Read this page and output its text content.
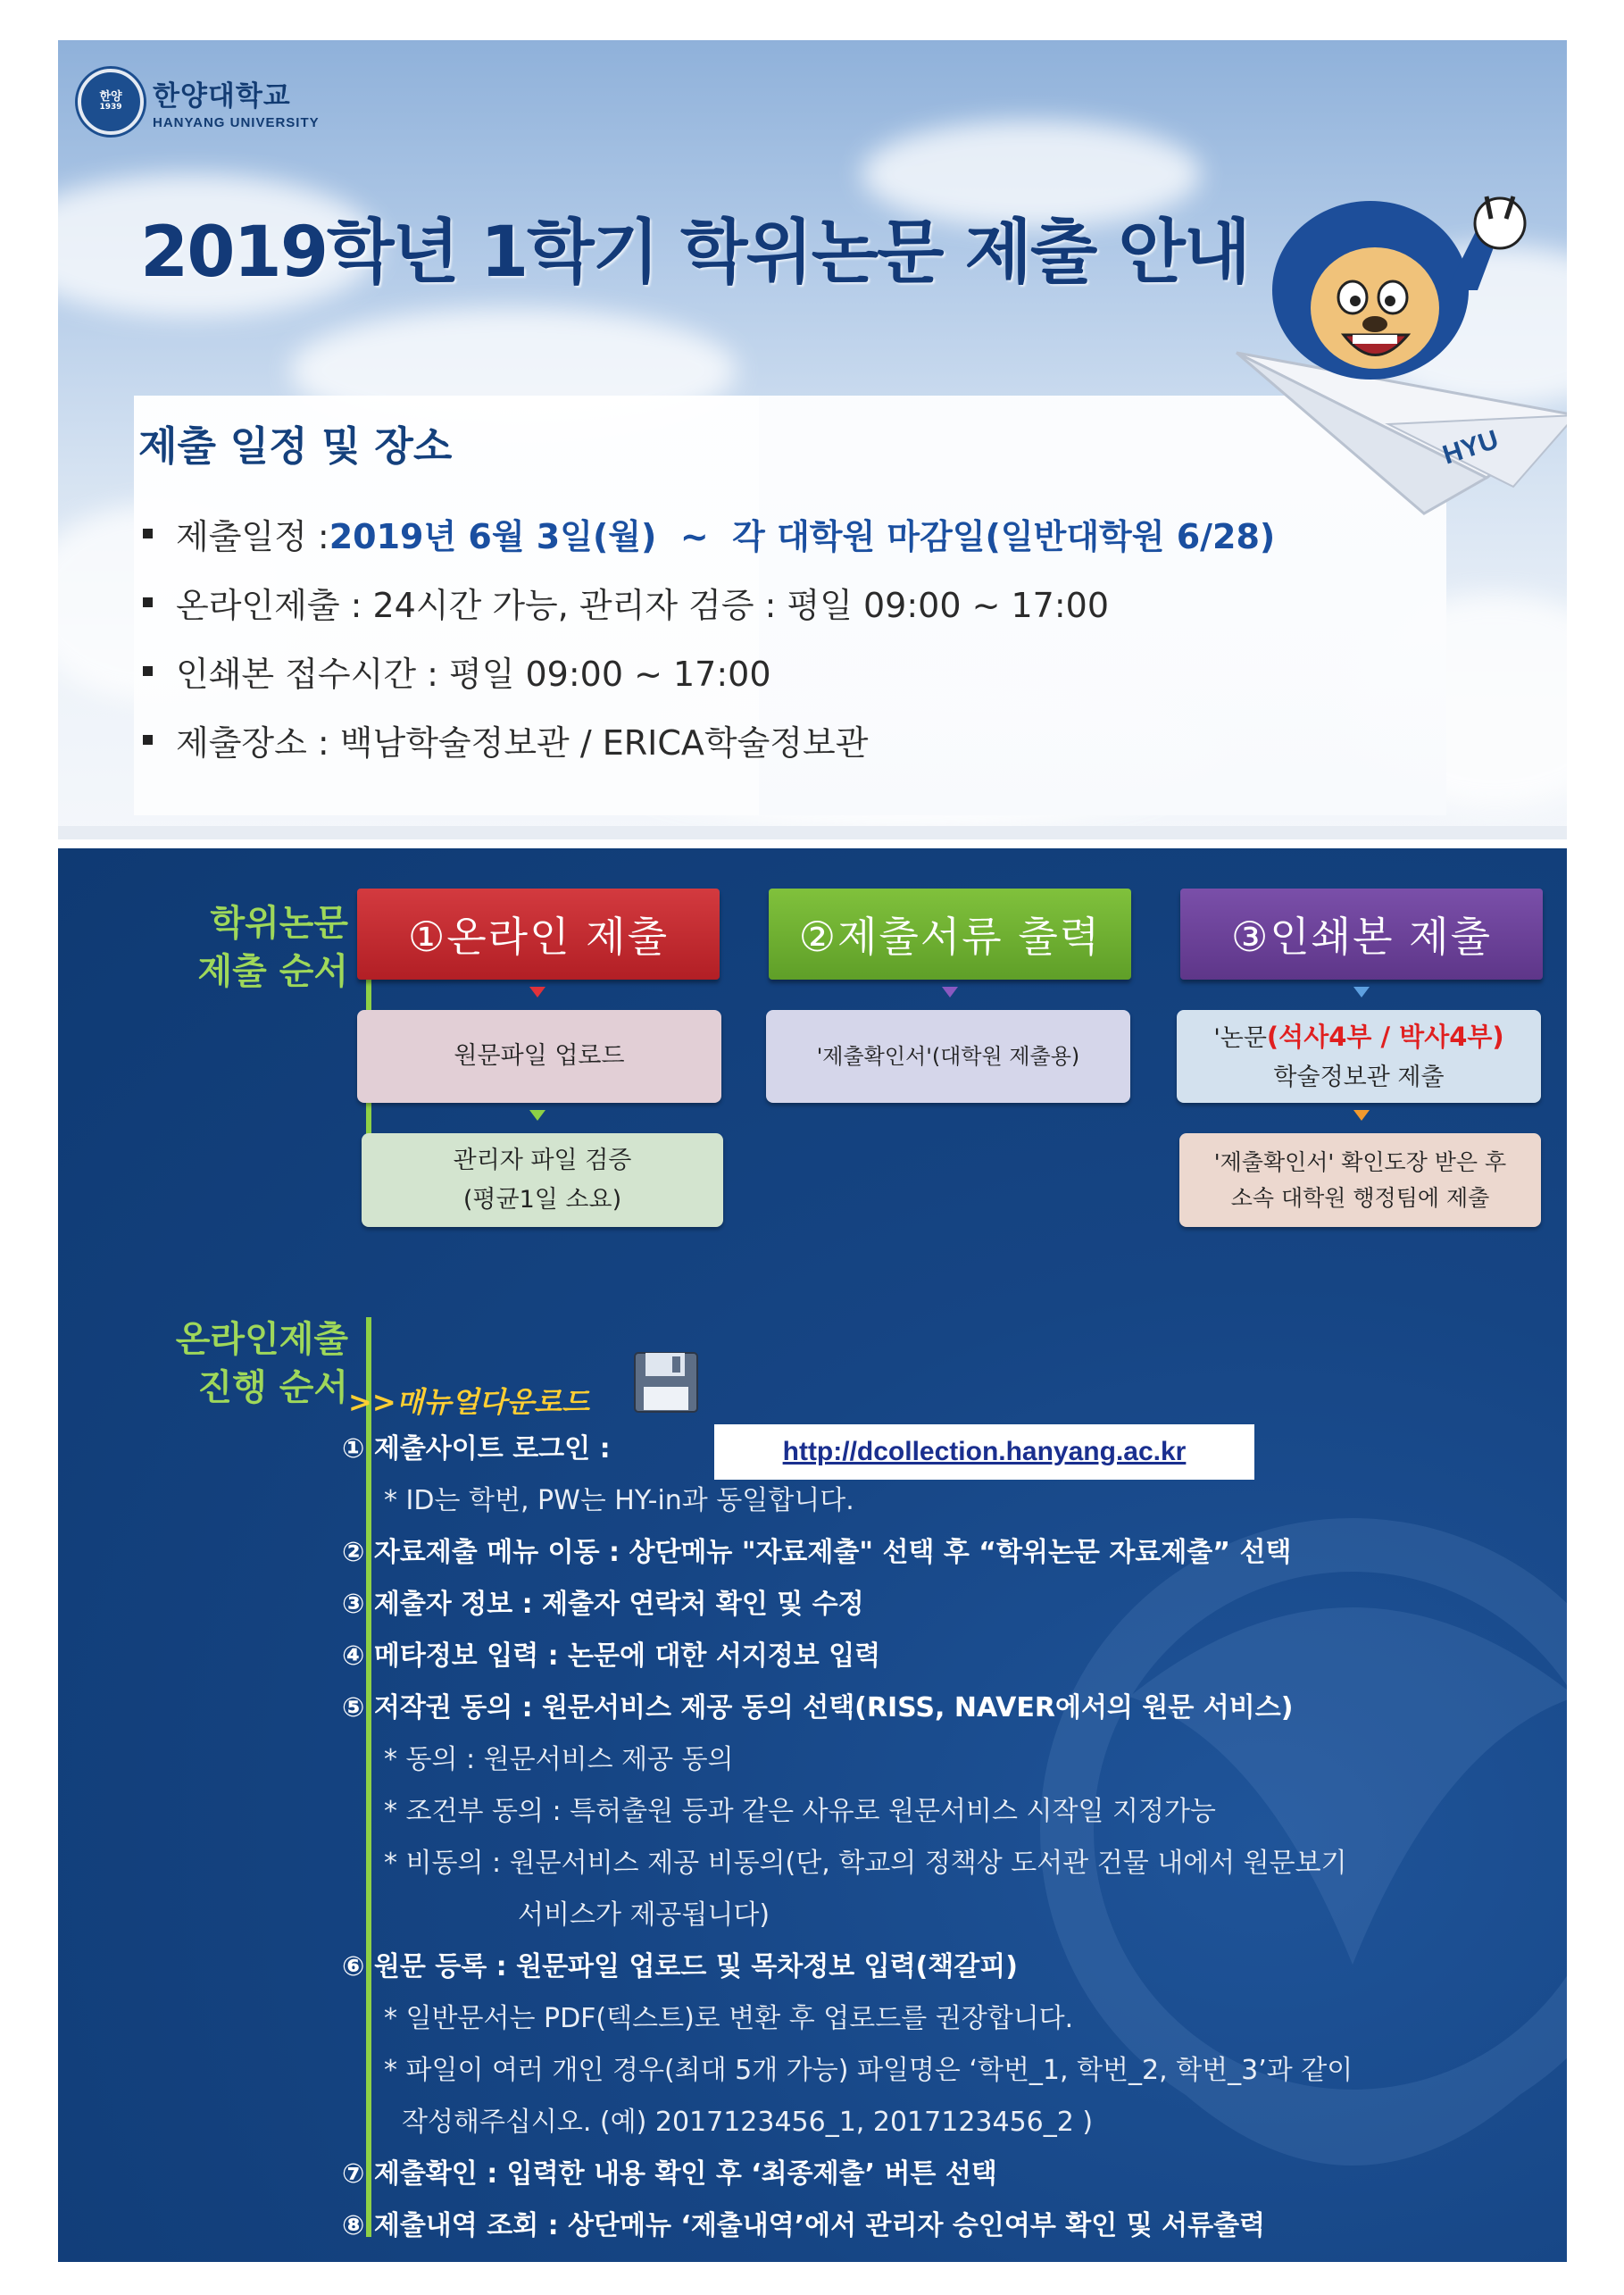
한양
1939 한양대학교
HANYANG UNIVERSITY
2019학년 1학기 학위논문 제출 안내
제출 일정 및 장소
제출일정 : 2019년 6월 3일(월)  ~  각 대학원 마감일(일반대학원 6/28)
온라인제출 : 24시간 가능, 관리자 검증 : 평일 09:00 ~ 17:00
인쇄본 접수시간 : 평일 09:00 ~ 17:00
제출장소 : 백남학술정보관 / ERICA학술정보관
HYU
학위논문
제출 순서
①온라인 제출
원문파일 업로드
관리자 파일 검증
(평균1일 소요)
②제출서류 출력
'제출확인서'(대학원 제출용)
③인쇄본 제출
'논문(석사4부 / 박사4부)
학술정보관 제출
'제출확인서' 확인도장 받은 후
소속 대학원 행정팀에 제출
온라인제출
진행 순서 >>매뉴얼다운로드
http://dcollection.hanyang.ac.kr
① 제출사이트 로그인 :
* ID는 학번, PW는 HY-in과 동일합니다.
② 자료제출 메뉴 이동 : 상단메뉴 "자료제출" 선택 후 “학위논문 자료제출” 선택
③ 제출자 정보 : 제출자 연락처 확인 및 수정
④ 메타정보 입력 : 논문에 대한 서지정보 입력
⑤ 저작권 동의 : 원문서비스 제공 동의 선택(RISS, NAVER에서의 원문 서비스)
* 동의 : 원문서비스 제공 동의
* 조건부 동의 : 특허출원 등과 같은 사유로 원문서비스 시작일 지정가능
* 비동의 : 원문서비스 제공 비동의(단, 학교의 정책상 도서관 건물 내에서 원문보기
서비스가 제공됩니다)
⑥ 원문 등록 : 원문파일 업로드 및 목차정보 입력(책갈피)
* 일반문서는 PDF(텍스트)로 변환 후 업로드를 권장합니다.
* 파일이 여러 개인 경우(최대 5개 가능) 파일명은 ‘학번_1, 학번_2, 학번_3’과 같이
작성해주십시오. (예) 2017123456_1, 2017123456_2 )
⑦ 제출확인 : 입력한 내용 확인 후 ‘최종제출’ 버튼 선택
⑧ 제출내역 조회 : 상단메뉴 ‘제출내역’에서 관리자 승인여부 확인 및 서류출력
